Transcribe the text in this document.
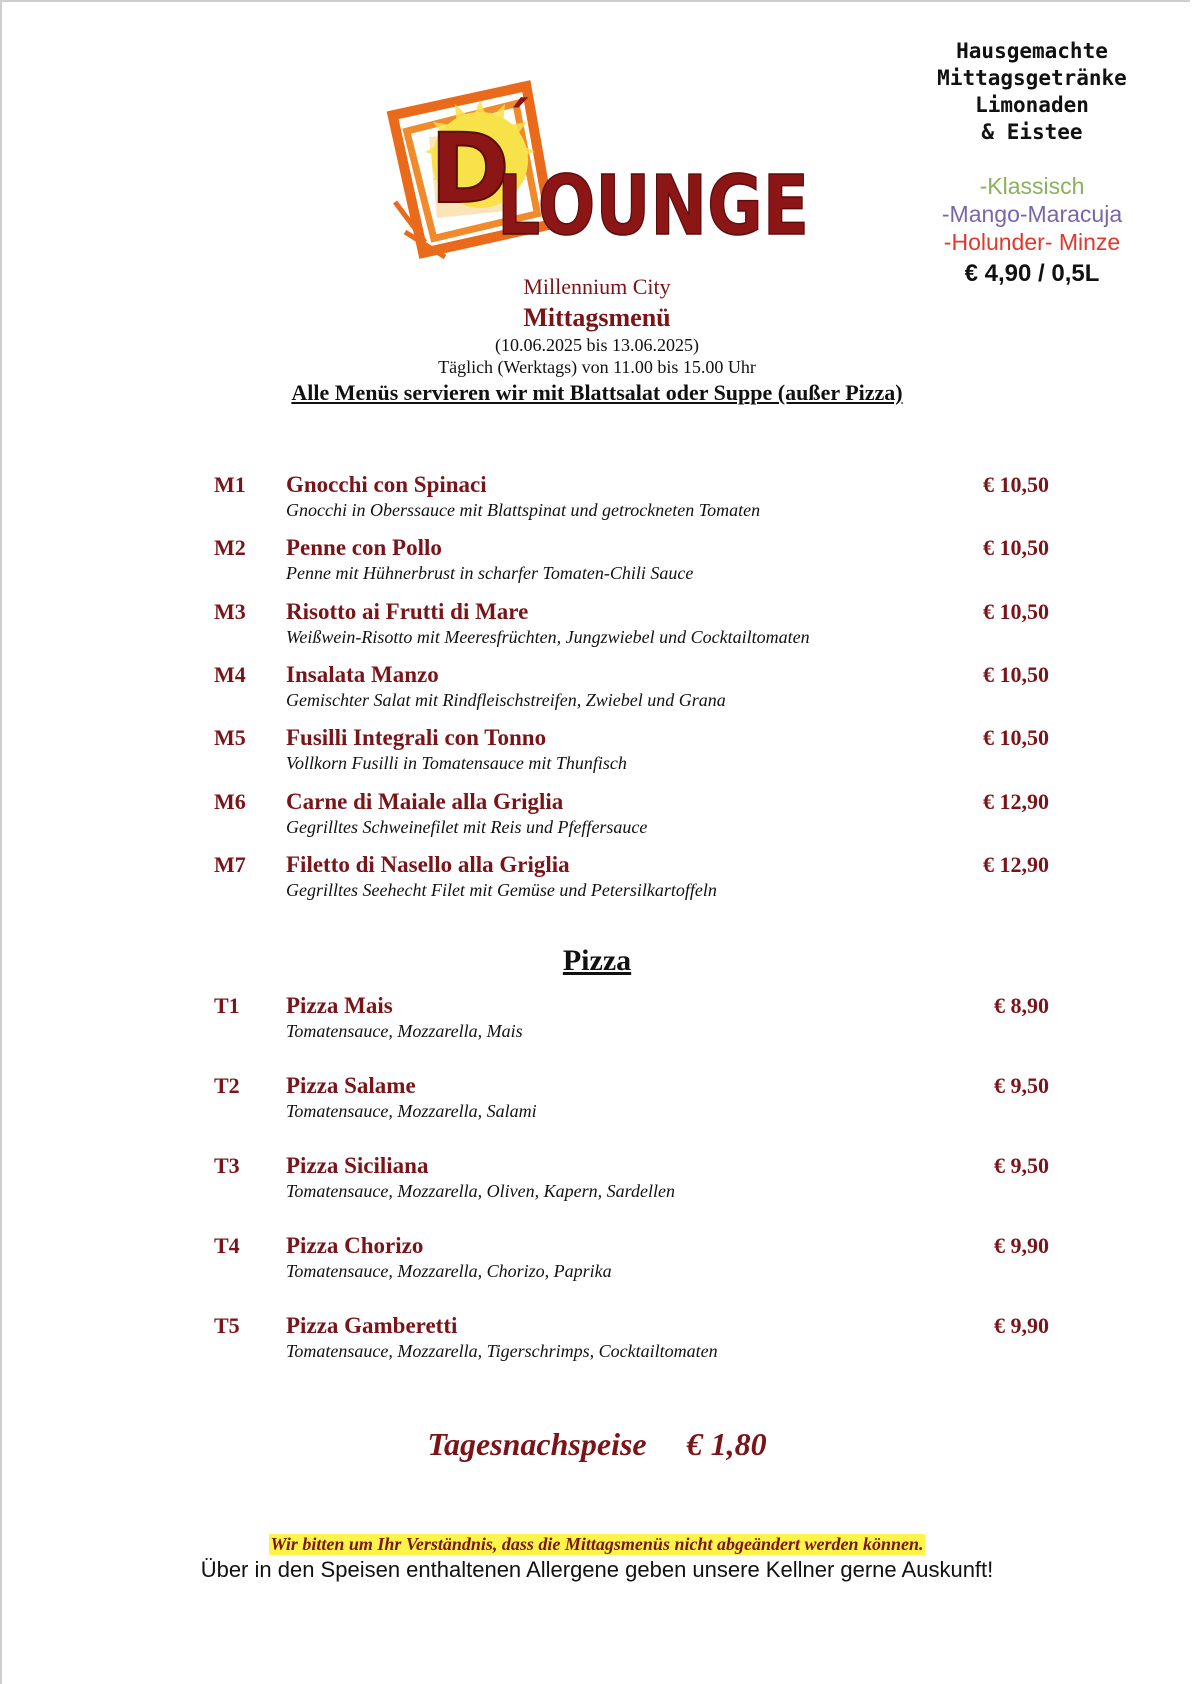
D
´
LOUNGE
Hausgemachte
Mittagsgetränke
Limonaden
& Eistee
-Klassisch
-Mango-Maracuja
-Holunder- Minze
€ 4,90 / 0,5L
Millennium City
Mittagsmenü
(10.06.2025 bis 13.06.2025)
Täglich (Werktags) von 11.00 bis 15.00 Uhr
Alle Menüs servieren wir mit Blattsalat oder Suppe (außer Pizza)
M1 Gnocchi con Spinaci
Gnocchi in Oberssauce mit Blattspinat und getrockneten Tomaten
€ 10,50
M2 Penne con Pollo
Penne mit Hühnerbrust in scharfer Tomaten-Chili Sauce
€ 10,50
M3 Risotto ai Frutti di Mare
Weißwein-Risotto mit Meeresfrüchten, Jungzwiebel und Cocktailtomaten
€ 10,50
M4 Insalata Manzo
Gemischter Salat mit Rindfleischstreifen, Zwiebel und Grana
€ 10,50
M5 Fusilli Integrali con Tonno
Vollkorn Fusilli in Tomatensauce mit Thunfisch
€ 10,50
M6 Carne di Maiale alla Griglia
Gegrilltes Schweinefilet mit Reis und Pfeffersauce
€ 12,90
M7 Filetto di Nasello alla Griglia
Gegrilltes Seehecht Filet mit Gemüse und Petersilkartoffeln
€ 12,90
Pizza
T1 Pizza Mais
Tomatensauce, Mozzarella, Mais
€ 8,90
T2 Pizza Salame
Tomatensauce, Mozzarella, Salami
€ 9,50
T3 Pizza Siciliana
Tomatensauce, Mozzarella, Oliven, Kapern, Sardellen
€ 9,50
T4 Pizza Chorizo
Tomatensauce, Mozzarella, Chorizo, Paprika
€ 9,90
T5 Pizza Gamberetti
Tomatensauce, Mozzarella, Tigerschrimps, Cocktailtomaten
€ 9,90
Tagesnachspeise € 1,80
Wir bitten um Ihr Verständnis, dass die Mittagsmenüs nicht abgeändert werden können.
Über in den Speisen enthaltenen Allergene geben unsere Kellner gerne Auskunft!
